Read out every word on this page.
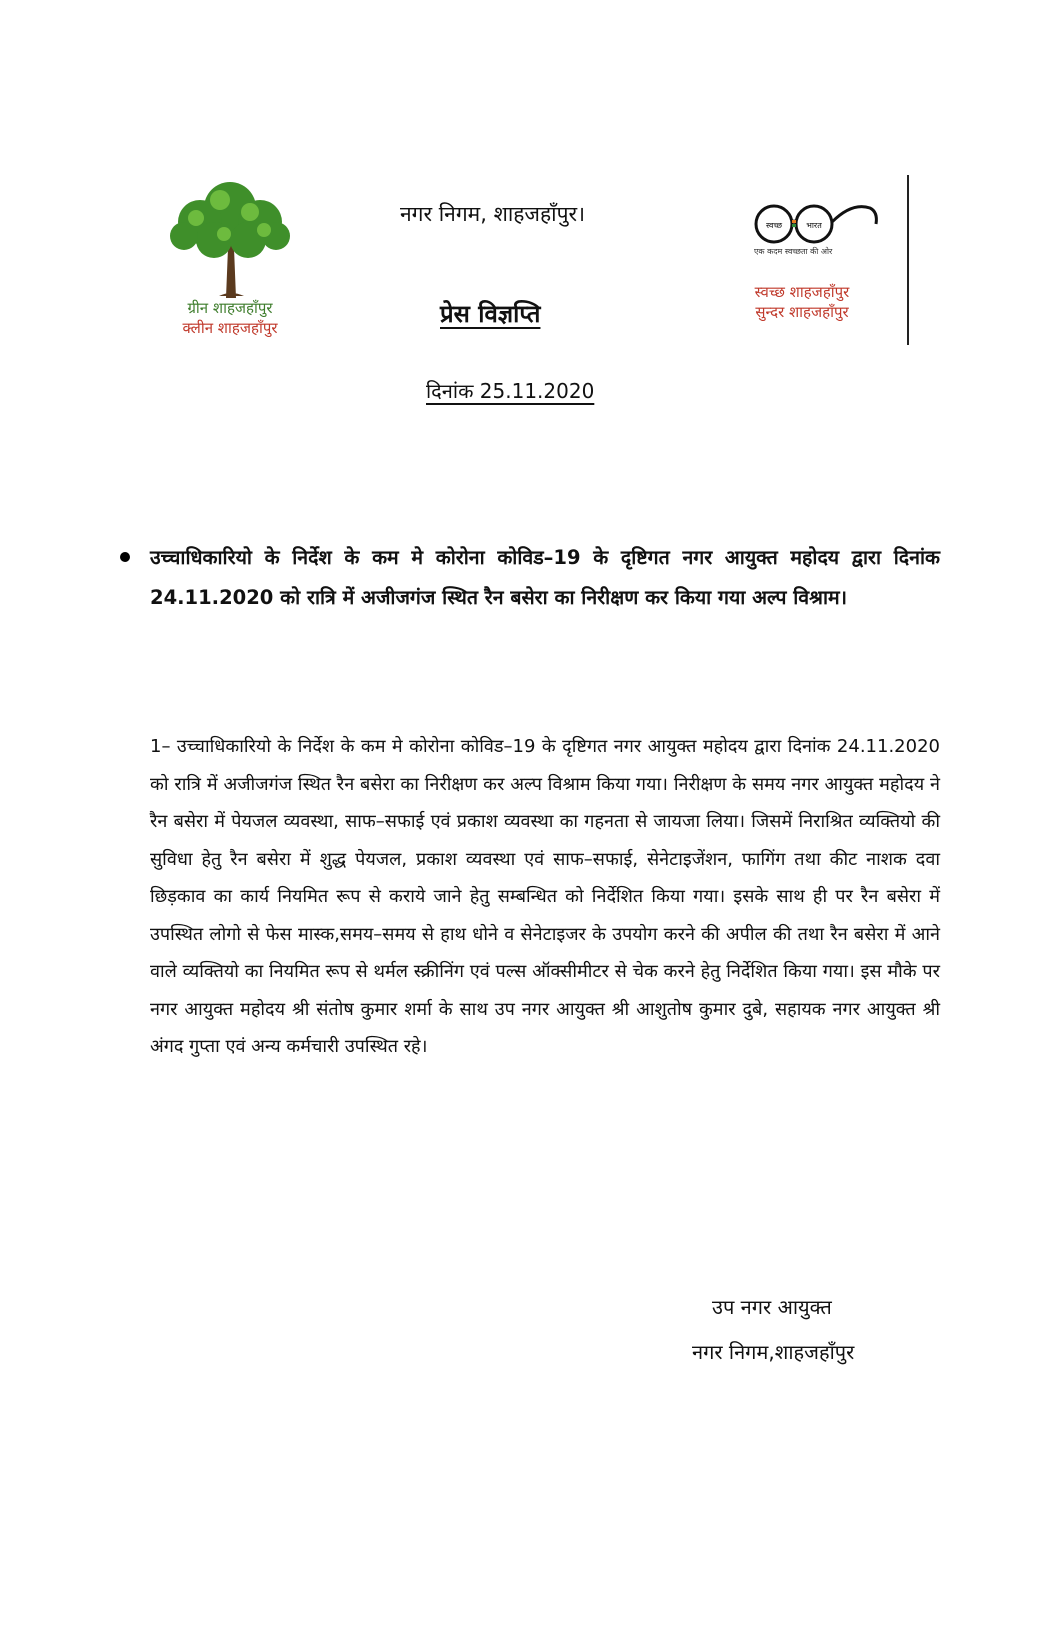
ग्रीन शाहजहाँपुर
क्लीन शाहजहाँपुर
नगर निगम, शाहजहाँपुर।
प्रेस विज्ञप्ति
दिनांक 25.11.2020
स्वच्छ	भारत
एक कदम स्वच्छता की ओर
स्वच्छ शाहजहाँपुर
सुन्दर शाहजहाँपुर
उच्चाधिकारियो के निर्देश के कम मे कोरोना कोविड–19 के दृष्टिगत नगर आयुक्त महोदय द्वारा दिनांक 24.11.2020 को रात्रि में अजीजगंज स्थित रैन बसेरा का निरीक्षण कर किया गया अल्प विश्राम।
1– उच्चाधिकारियो के निर्देश के कम मे कोरोना कोविड–19 के दृष्टिगत नगर आयुक्त महोदय द्वारा दिनांक 24.11.2020 को रात्रि में अजीजगंज स्थित रैन बसेरा का निरीक्षण कर अल्प विश्राम किया गया। निरीक्षण के समय नगर आयुक्त महोदय ने रैन बसेरा में पेयजल व्यवस्था, साफ–सफाई एवं प्रकाश व्यवस्था का गहनता से जायजा लिया। जिसमें निराश्रित व्यक्तियो की सुविधा हेतु रैन बसेरा में शुद्ध पेयजल, प्रकाश व्यवस्था एवं साफ–सफाई, सेनेटाइजेंशन, फागिंग तथा कीट नाशक दवा छिड़काव का कार्य नियमित रूप से कराये जाने हेतु सम्बन्धित को निर्देशित किया गया। इसके साथ ही पर रैन बसेरा में उपस्थित लोगो से फेस मास्क,समय–समय से हाथ धोने व सेनेटाइजर के उपयोग करने की अपील की तथा रैन बसेरा में आने वाले व्यक्तियो का नियमित रूप से थर्मल स्क्रीनिंग एवं पल्स ऑक्सीमीटर से चेक करने हेतु निर्देशित किया गया। इस मौके पर नगर आयुक्त महोदय श्री संतोष कुमार शर्मा के साथ उप नगर आयुक्त श्री आशुतोष कुमार दुबे, सहायक नगर आयुक्त श्री अंगद गुप्ता एवं अन्य कर्मचारी उपस्थित रहे।
उप नगर आयुक्त
नगर निगम,शाहजहाँपुर
